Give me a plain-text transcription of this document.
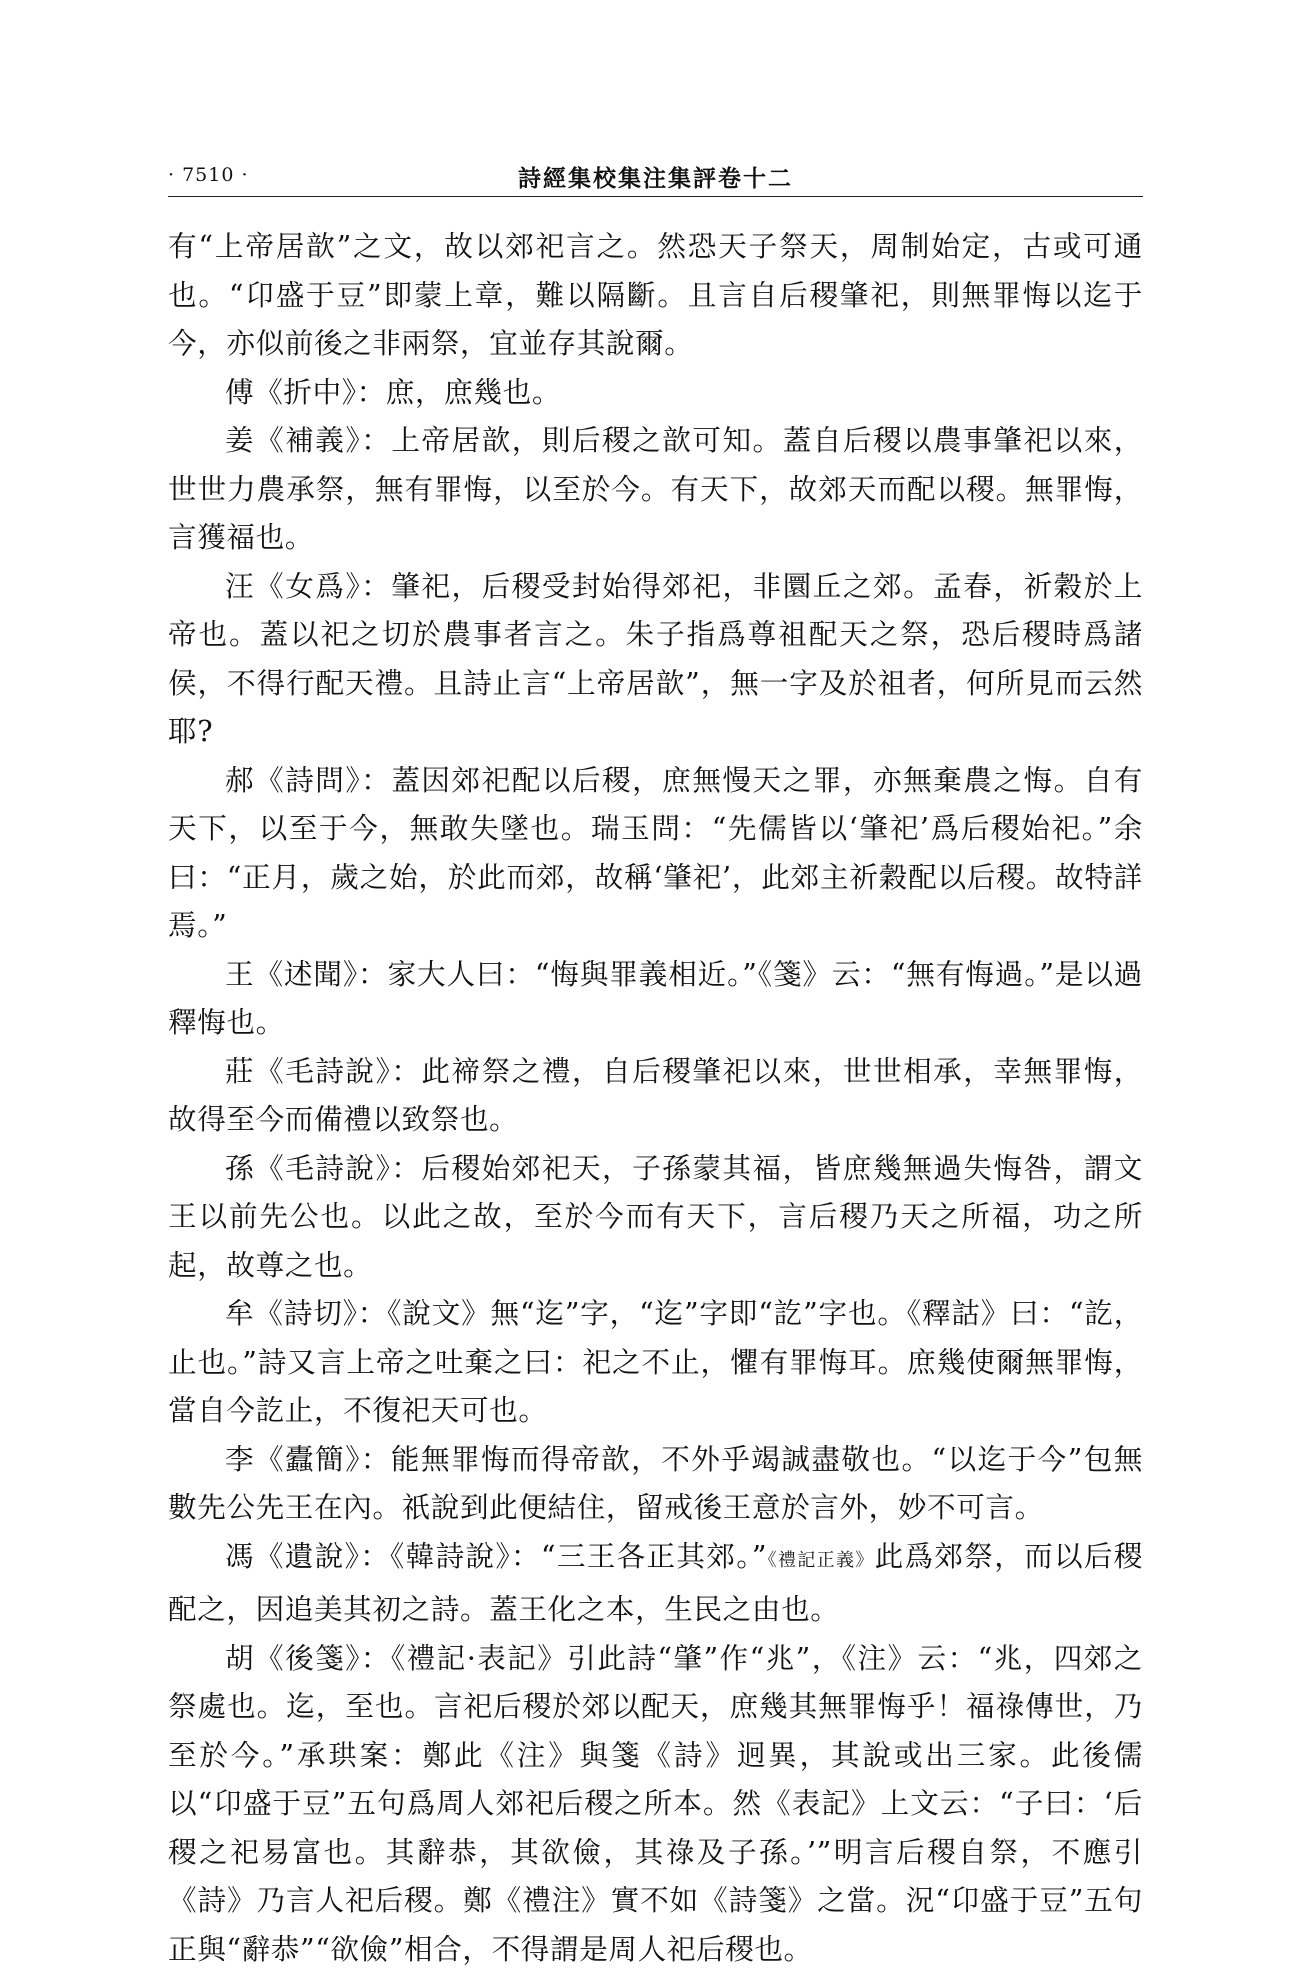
· 7510 ·	詩經集校集注集評卷十二

有“上帝居歆”之文，故以郊祀言之。然恐天子祭天，周制始定，古或可通也。“卬盛于豆”即蒙上章，難以隔斷。且言自后稷肇祀，則無罪悔以迄于今，亦似前後之非兩祭，宜並存其說爾。

傅《折中》：庶，庶幾也。

姜《補義》：上帝居歆，則后稷之歆可知。蓋自后稷以農事肇祀以來，世世力農承祭，無有罪悔，以至於今。有天下，故郊天而配以稷。無罪悔，言獲福也。

汪《女爲》：肇祀，后稷受封始得郊祀，非圜丘之郊。孟春，祈穀於上帝也。蓋以祀之切於農事者言之。朱子指爲尊祖配天之祭，恐后稷時爲諸侯，不得行配天禮。且詩止言“上帝居歆”，無一字及於祖者，何所見而云然耶?

郝《詩問》：蓋因郊祀配以后稷，庶無慢天之罪，亦無棄農之悔。自有天下，以至于今，無敢失墜也。瑞玉問：“先儒皆以‘肇祀’爲后稷始祀。”余曰：“正月，歲之始，於此而郊，故稱‘肇祀’，此郊主祈穀配以后稷。故特詳焉。”

王《述聞》：家大人曰：“悔與罪義相近。”《箋》云：“無有悔過。”是以過釋悔也。

莊《毛詩說》：此禘祭之禮，自后稷肇祀以來，世世相承，幸無罪悔，故得至今而備禮以致祭也。

孫《毛詩說》：后稷始郊祀天，子孫蒙其福，皆庶幾無過失悔咎，謂文王以前先公也。以此之故，至於今而有天下，言后稷乃天之所福，功之所起，故尊之也。

牟《詩切》：《說文》無“迄”字，“迄”字即“訖”字也。《釋詁》曰：“訖，止也。”詩又言上帝之吐棄之曰：祀之不止，懼有罪悔耳。庶幾使爾無罪悔，當自今訖止，不復祀天可也。

李《蠹簡》：能無罪悔而得帝歆，不外乎竭誠盡敬也。“以迄于今”包無數先公先王在內。祇說到此便結住，留戒後王意於言外，妙不可言。

馮《遺說》：《韓詩說》：“三王各正其郊。”《禮記正義》此爲郊祭，而以后稷配之，因追美其初之詩。蓋王化之本，生民之由也。

胡《後箋》：《禮記·表記》引此詩“肇”作“兆”，《注》云：“兆，四郊之祭處也。迄，至也。言祀后稷於郊以配天，庶幾其無罪悔乎！福祿傳世，乃至於今。”承珙案：鄭此《注》與箋《詩》迥異，其說或出三家。此後儒以“卬盛于豆”五句爲周人郊祀后稷之所本。然《表記》上文云：“子曰：‘后稷之祀易富也。其辭恭，其欲儉，其祿及子孫。’”明言后稷自祭，不應引《詩》乃言人祀后稷。鄭《禮注》實不如《詩箋》之當。況“卬盛于豆”五句正與“辭恭”“欲儉”相合，不得謂是周人祀后稷也。
